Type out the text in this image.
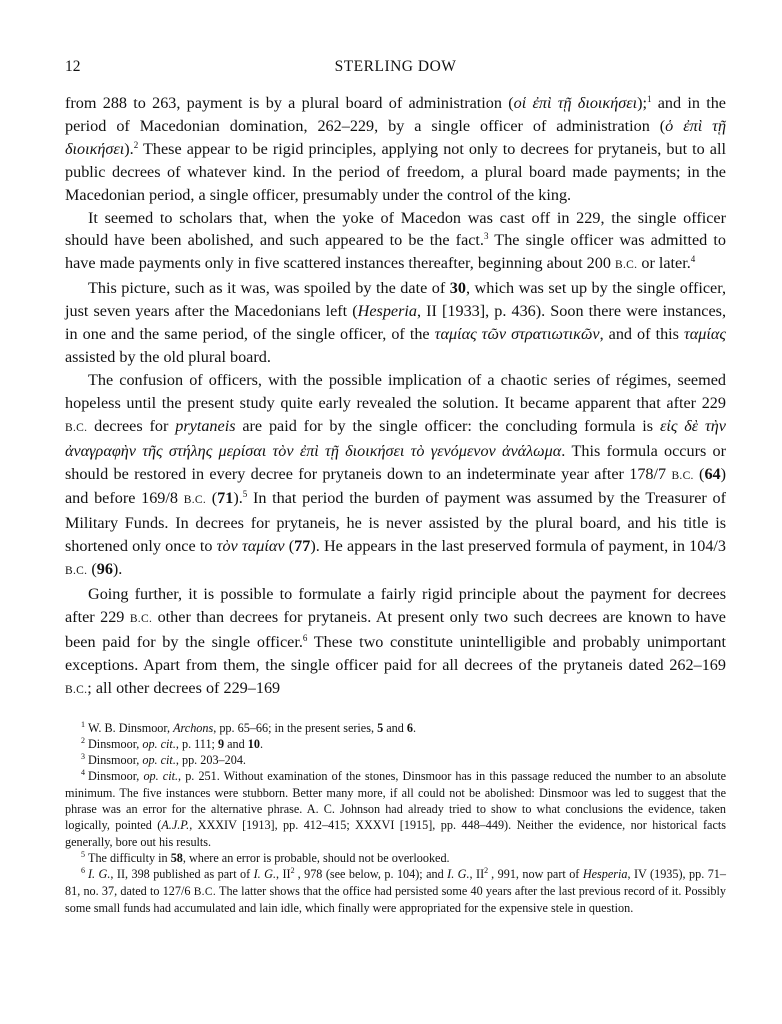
12	STERLING DOW

from 288 to 263, payment is by a plural board of administration (οἱ ἐπὶ τῇ διοικήσει);$^1$ and in the period of Macedonian domination, 262–229, by a single officer of administration (ὁ ἐπὶ τῇ διοικήσει).$^2$ These appear to be rigid principles, applying not only to decrees for prytaneis, but to all public decrees of whatever kind. In the period of freedom, a plural board made payments; in the Macedonian period, a single officer, presumably under the control of the king.

It seemed to scholars that, when the yoke of Macedon was cast off in 229, the single officer should have been abolished, and such appeared to be the fact.$^3$ The single officer was admitted to have made payments only in five scattered instances thereafter, beginning about 200 B.C. or later.$^4$

This picture, such as it was, was spoiled by the date of 30, which was set up by the single officer, just seven years after the Macedonians left (Hesperia, II [1933], p. 436). Soon there were instances, in one and the same period, of the single officer, of the ταμίας τῶν στρατιωτικῶν, and of this ταμίας assisted by the old plural board.

The confusion of officers, with the possible implication of a chaotic series of régimes, seemed hopeless until the present study quite early revealed the solution. It became apparent that after 229 B.C. decrees for prytaneis are paid for by the single officer: the concluding formula is εἰς δὲ τὴν ἀναγραφὴν τῆς στήλης μερίσαι τὸν ἐπὶ τῇ διοικήσει τὸ γενόμενον ἀνάλωμα. This formula occurs or should be restored in every decree for prytaneis down to an indeterminate year after 178/7 B.C. (64) and before 169/8 B.C. (71).$^5$ In that period the burden of payment was assumed by the Treasurer of Military Funds. In decrees for prytaneis, he is never assisted by the plural board, and his title is shortened only once to τὸν ταμίαν (77). He appears in the last preserved formula of payment, in 104/3 B.C. (96).

Going further, it is possible to formulate a fairly rigid principle about the payment for decrees after 229 B.C. other than decrees for prytaneis. At present only two such decrees are known to have been paid for by the single officer.$^6$ These two constitute unintelligible and probably unimportant exceptions. Apart from them, the single officer paid for all decrees of the prytaneis dated 262–169 B.C.; all other decrees of 229–169

$^1$ W. B. Dinsmoor, Archons, pp. 65–66; in the present series, 5 and 6.

$^2$ Dinsmoor, op. cit., p. 111; 9 and 10.

$^3$ Dinsmoor, op. cit., pp. 203–204.

$^4$ Dinsmoor, op. cit., p. 251. Without examination of the stones, Dinsmoor has in this passage reduced the number to an absolute minimum. The five instances were stubborn. Better many more, if all could not be abolished: Dinsmoor was led to suggest that the phrase was an error for the alternative phrase. A. C. Johnson had already tried to show to what conclusions the evidence, taken logically, pointed (A.J.P., XXXIV [1913], pp. 412–415; XXXVI [1915], pp. 448–449). Neither the evidence, nor historical facts generally, bore out his results.

$^5$ The difficulty in 58, where an error is probable, should not be overlooked.

$^6$ I. G., II, 398 published as part of I. G., $II^2$ , 978 (see below, p. 104); and I. G., $II^2$ , 991, now part of Hesperia, IV (1935), pp. 71–81, no. 37, dated to 127/6 B.C. The latter shows that the office had persisted some 40 years after the last previous record of it. Possibly some small funds had accumulated and lain idle, which finally were appropriated for the expensive stele in question.
